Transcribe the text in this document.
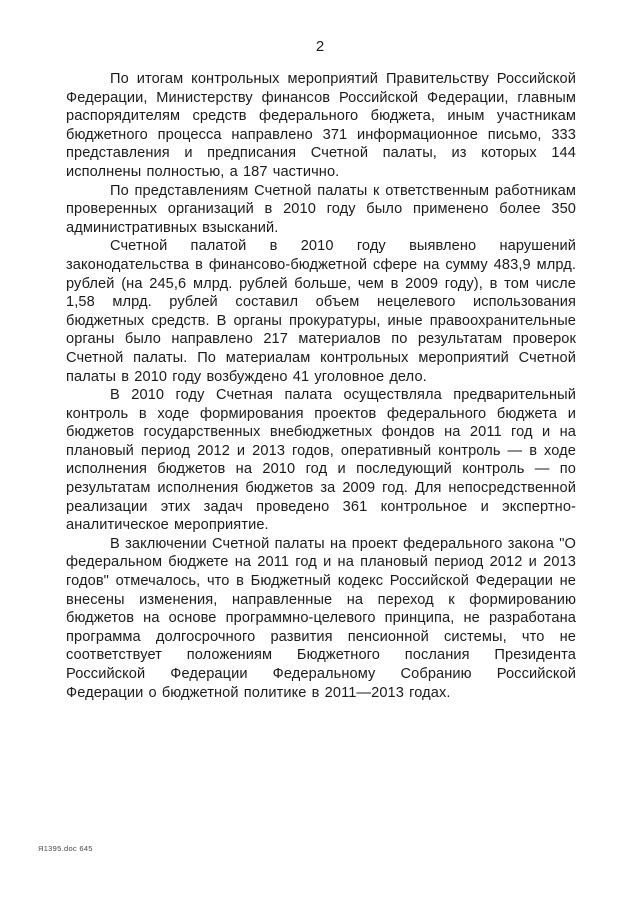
2

По итогам контрольных мероприятий Правительству Российской Федерации, Министерству финансов Российской Федерации, главным распорядителям средств федерального бюджета, иным участникам бюджетного процесса направлено 371 информационное письмо, 333 представления и предписания Счетной палаты, из которых 144 исполнены полностью, а 187 частично.

По представлениям Счетной палаты к ответственным работникам проверенных организаций в 2010 году было применено более 350 административных взысканий.

Счетной палатой в 2010 году выявлено нарушений законодательства в финансово-бюджетной сфере на сумму 483,9 млрд. рублей (на 245,6 млрд. рублей больше, чем в 2009 году), в том числе 1,58 млрд. рублей составил объем нецелевого использования бюджетных средств. В органы прокуратуры, иные правоохранительные органы было направлено 217 материалов по результатам проверок Счетной палаты. По материалам контрольных мероприятий Счетной палаты в 2010 году возбуждено 41 уголовное дело.

В 2010 году Счетная палата осуществляла предварительный контроль в ходе формирования проектов федерального бюджета и бюджетов государственных внебюджетных фондов на 2011 год и на плановый период 2012 и 2013 годов, оперативный контроль — в ходе исполнения бюджетов на 2010 год и последующий контроль — по результатам исполнения бюджетов за 2009 год. Для непосредственной реализации этих задач проведено 361 контрольное и экспертно-аналитическое мероприятие.

В заключении Счетной палаты на проект федерального закона "О федеральном бюджете на 2011 год и на плановый период 2012 и 2013 годов" отмечалось, что в Бюджетный кодекс Российской Федерации не внесены изменения, направленные на переход к формированию бюджетов на основе программно-целевого принципа, не разработана программа долгосрочного развития пенсионной системы, что не соответствует положениям Бюджетного послания Президента Российской Федерации Федеральному Собранию Российской Федерации о бюджетной политике в 2011—2013 годах.

Я1395.doc 645
